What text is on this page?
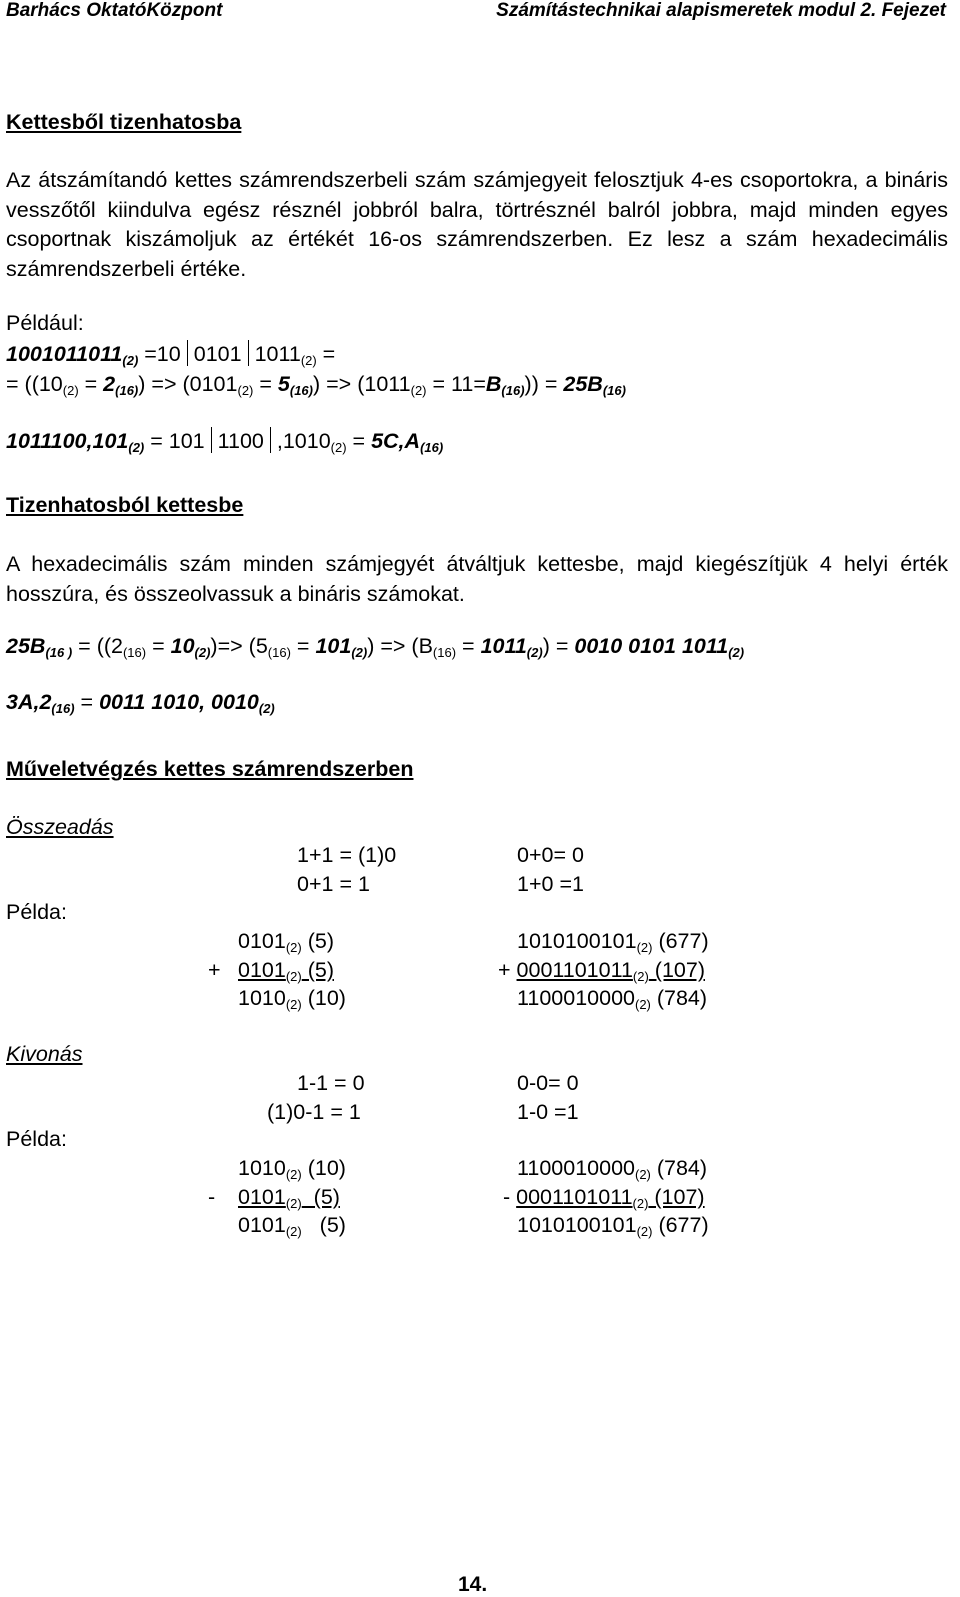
Barhács OktatóKözpont	Számítástechnikai alapismeretek modul 2. Fejezet
Kettesből tizenhatosba
Az átszámítandó kettes számrendszerbeli szám számjegyeit felosztjuk 4-es csoportokra, a bináris vesszőtől kiindulva egész résznél jobbról balra, törtrésznél balról jobbra, majd minden egyes csoportnak kiszámoljuk az értékét 16-os számrendszerben. Ez lesz a szám hexadecimális számrendszerbeli értéke.
Például:
$1001011011_{(2)} =10$ 0101 $1011_{(2)}$ =
= $((10_{(2)} = 2_{(16)}) => (0101_{(2)} = 5_{(16)}) => (1011_{(2)} = 11=B_{(16)})) = 25B_{(16)}$
$1011100,101_{(2)} = 101$ 1100 $,1010_{(2)} = 5C,A_{(16)}$
Tizenhatosból kettesbe
A hexadecimális szám minden számjegyét átváltjuk kettesbe, majd kiegészítjük 4 helyi érték hosszúra, és összeolvassuk a bináris számokat.
$25B_{(16 )} = ((2_{(16)} = 10_{(2)})=> (5_{(16)} = 101_{(2)}) => (B_{(16)} = 1011_{(2)}) = 0010$ 0101 $1011_{(2)}$
$3A,2_{(16)} = 0011$ 1010, $0010_{(2)}$
Műveletvégzés kettes számrendszerben
Összeadás
1+1 = (1)0	0+0= 0
0+1 = 1	1+0 =1
Példa:
$0101_{(2)}$ (5)
+ $0101_{(2)}$ (5)
$1010_{(2)}$ (10)
$1010100101_{(2)}$ (677)
+ $0001101011_{(2)}$ (107)
$1100010000_{(2)}$ (784)
Kivonás
1-1 = 0	0-0= 0
(1)0-1 = 1	1-0 =1
Példa:
$1010_{(2)}$ (10)
- $0101_{(2)}$  (5)
$0101_{(2)}$   (5)
$1100010000_{(2)}$ (784)
- $0001101011_{(2)}$ (107)
$1010100101_{(2)}$ (677)
14.
